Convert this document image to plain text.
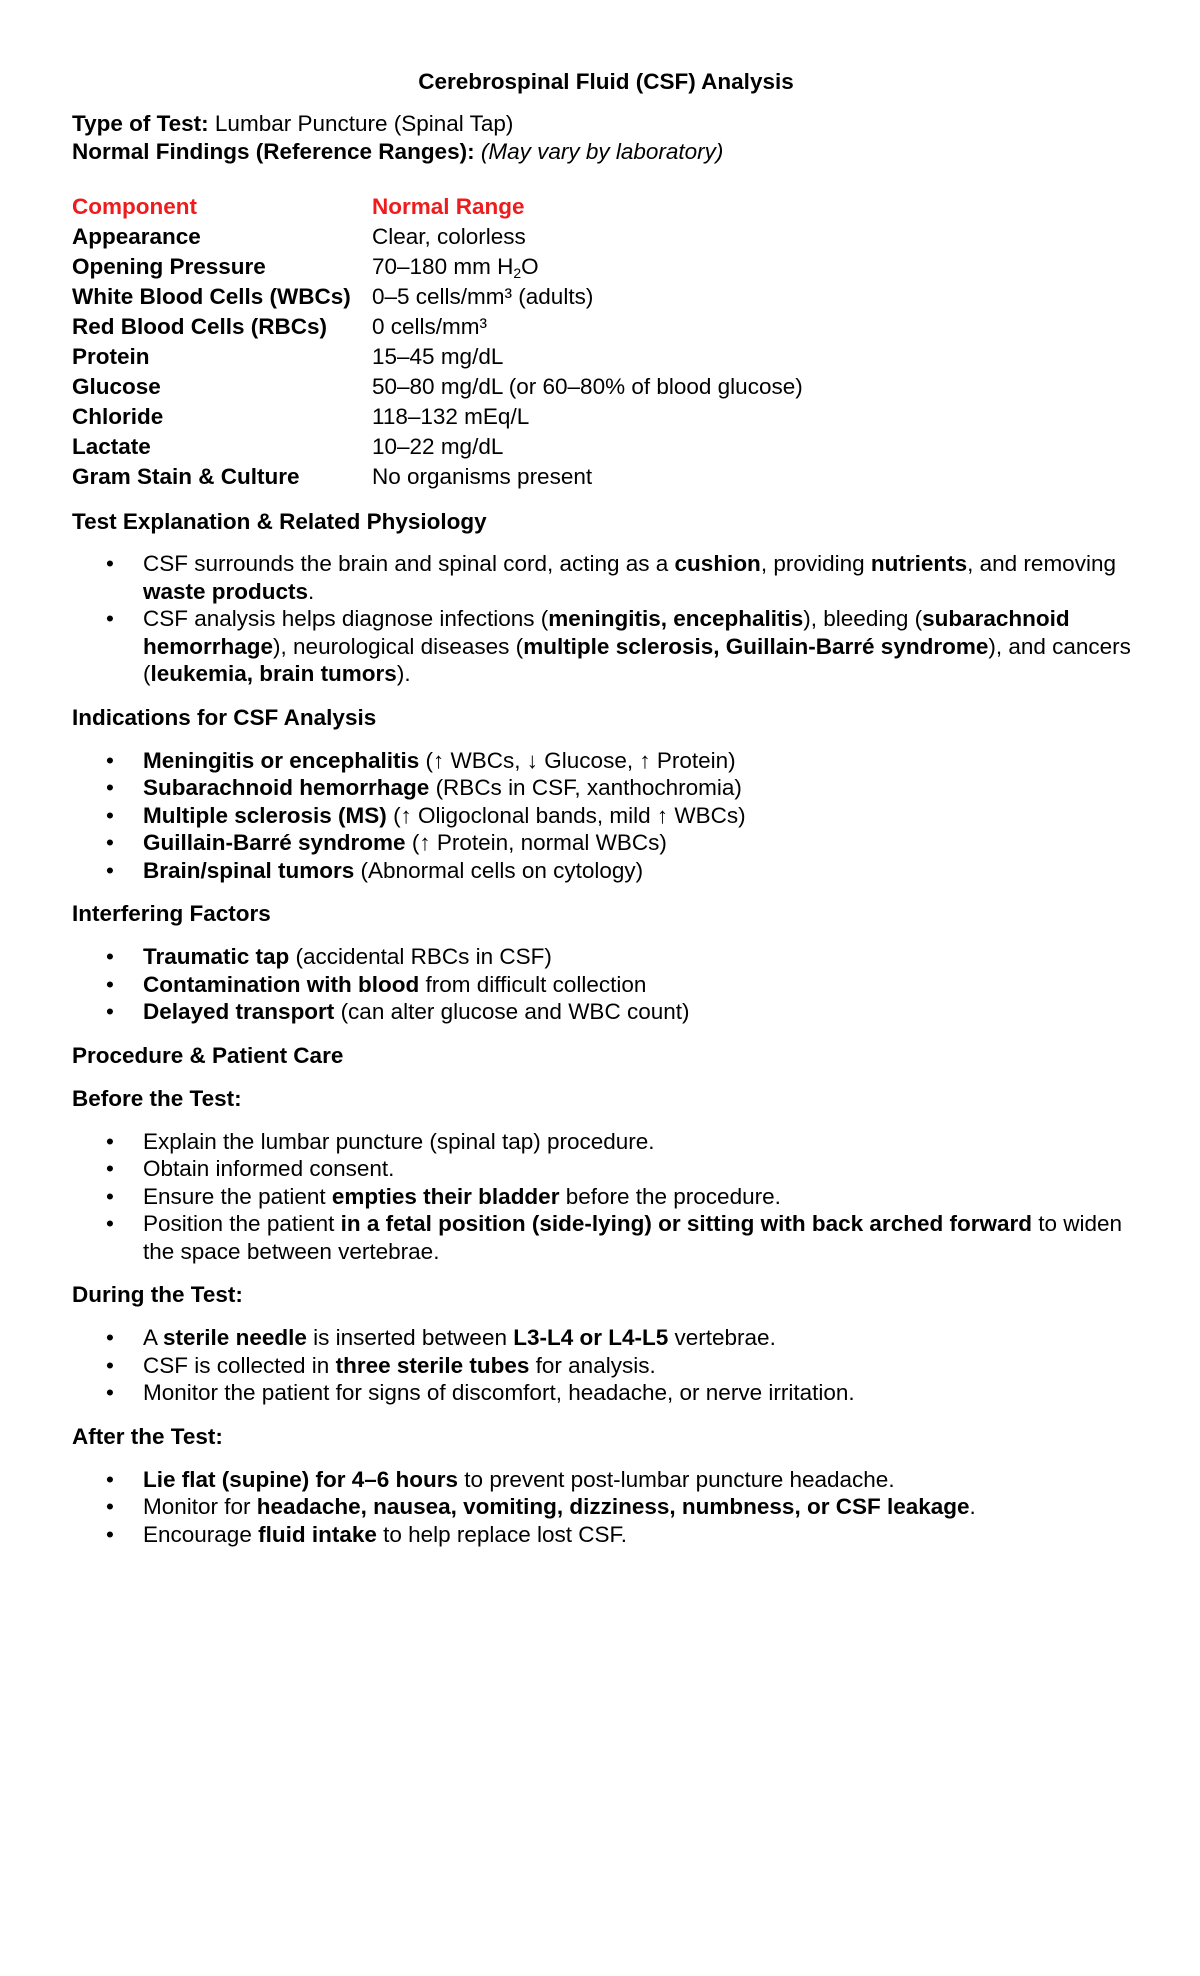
Cerebrospinal Fluid (CSF) Analysis
Type of Test: Lumbar Puncture (Spinal Tap)
Normal Findings (Reference Ranges): (May vary by laboratory)
Component	Normal Range
Appearance	Clear, colorless
Opening Pressure	70–180 mm $H_2O$
White Blood Cells (WBCs) 0–5 cells/mm³ (adults)
Red Blood Cells (RBCs)	0 cells/mm³
Protein	15–45 mg/dL
Glucose	50–80 mg/dL (or 60–80% of blood glucose)
Chloride	118–132 mEq/L
Lactate	10–22 mg/dL
Gram Stain & Culture	No organisms present
Test Explanation & Related Physiology
• CSF surrounds the brain and spinal cord, acting as a cushion, providing nutrients, and removing waste products.
• CSF analysis helps diagnose infections (meningitis, encephalitis), bleeding (subarachnoid hemorrhage), neurological diseases (multiple sclerosis, Guillain-Barré syndrome), and cancers (leukemia, brain tumors).
Indications for CSF Analysis
• Meningitis or encephalitis (↑ WBCs, ↓ Glucose, ↑ Protein)
• Subarachnoid hemorrhage (RBCs in CSF, xanthochromia)
• Multiple sclerosis (MS) (↑ Oligoclonal bands, mild ↑ WBCs)
• Guillain-Barré syndrome (↑ Protein, normal WBCs)
• Brain/spinal tumors (Abnormal cells on cytology)
Interfering Factors
• Traumatic tap (accidental RBCs in CSF)
• Contamination with blood from difficult collection
• Delayed transport (can alter glucose and WBC count)
Procedure & Patient Care
Before the Test:
• Explain the lumbar puncture (spinal tap) procedure.
• Obtain informed consent.
• Ensure the patient empties their bladder before the procedure.
• Position the patient in a fetal position (side-lying) or sitting with back arched forward to widen the space between vertebrae.
During the Test:
• A sterile needle is inserted between L3-L4 or L4-L5 vertebrae.
• CSF is collected in three sterile tubes for analysis.
• Monitor the patient for signs of discomfort, headache, or nerve irritation.
After the Test:
• Lie flat (supine) for 4–6 hours to prevent post-lumbar puncture headache.
• Monitor for headache, nausea, vomiting, dizziness, numbness, or CSF leakage.
• Encourage fluid intake to help replace lost CSF.
